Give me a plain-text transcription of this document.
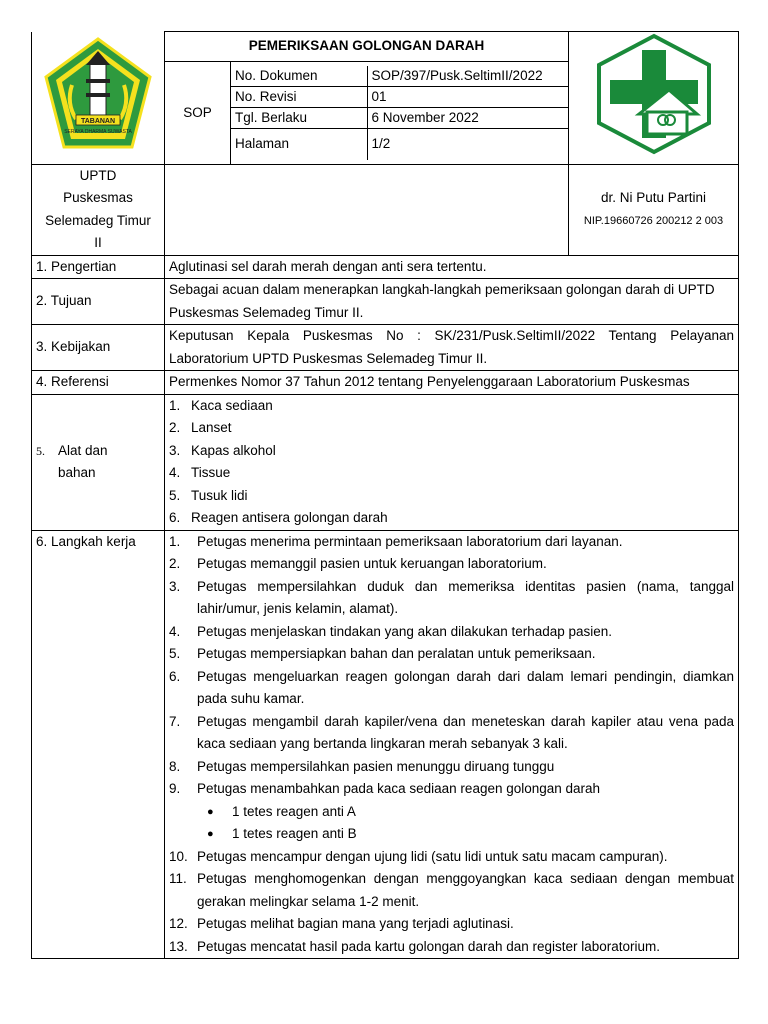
TABANAN
SERAYA DHARMA SUWASTA
	PEMERIKSAAN GOLONGAN DARAH	
SOP	
No. Dokumen	SOP/397/Pusk.SeltimII/2022
No. Revisi	01
Tgl. Berlaku	6 November 2022
Halaman	1/2

UPTD
Puskesmas
Selemadeg Timur
II

dr. Ni Putu Partini
NIP.19660726 200212 2 003

1. Pengertian	Aglutinasi sel darah merah dengan anti sera tertentu.
2. Tujuan	Sebagai acuan dalam menerapkan langkah-langkah pemeriksaan golongan darah di UPTD Puskesmas Selemadeg Timur II.
3. Kebijakan	Keputusan Kepala Puskesmas No : SK/231/Pusk.SeltimII/2022 Tentang Pelayanan Laboratorium UPTD Puskesmas Selemadeg Timur II.
4. Referensi	Permenkes Nomor 37 Tahun 2012 tentang Penyelenggaraan Laboratorium Puskesmas

5. Alat dan
bahan

1. Kaca sediaan
2. Lanset
3. Kapas alkohol
4. Tissue
5. Tusuk lidi
6. Reagen antisera golongan darah

6. Langkah kerja	1.	Petugas menerima permintaan pemeriksaan laboratorium dari layanan.
2.	Petugas memanggil pasien untuk keruangan laboratorium.
3.	Petugas mempersilahkan duduk dan memeriksa identitas pasien (nama, tanggal lahir/umur, jenis kelamin, alamat).
4.	Petugas menjelaskan tindakan yang akan dilakukan terhadap pasien.
5.	Petugas mempersiapkan bahan dan peralatan untuk pemeriksaan.
6.	Petugas mengeluarkan reagen golongan darah dari dalam lemari pendingin, diamkan pada suhu kamar.
7.	Petugas mengambil darah kapiler/vena dan meneteskan darah kapiler atau vena pada kaca sediaan yang bertanda lingkaran merah sebanyak 3 kali.
8.	Petugas mempersilahkan pasien menunggu diruang tunggu
9.	Petugas menambahkan pada kaca sediaan reagen golongan darah
●	1 tetes reagen anti A
●	1 tetes reagen anti B
10. Petugas mencampur dengan ujung lidi (satu lidi untuk satu macam campuran).
11. Petugas menghomogenkan dengan menggoyangkan kaca sediaan dengan membuat gerakan melingkar selama 1-2 menit.
12. Petugas melihat bagian mana yang terjadi aglutinasi.
13. Petugas mencatat hasil pada kartu golongan darah dan register laboratorium.
